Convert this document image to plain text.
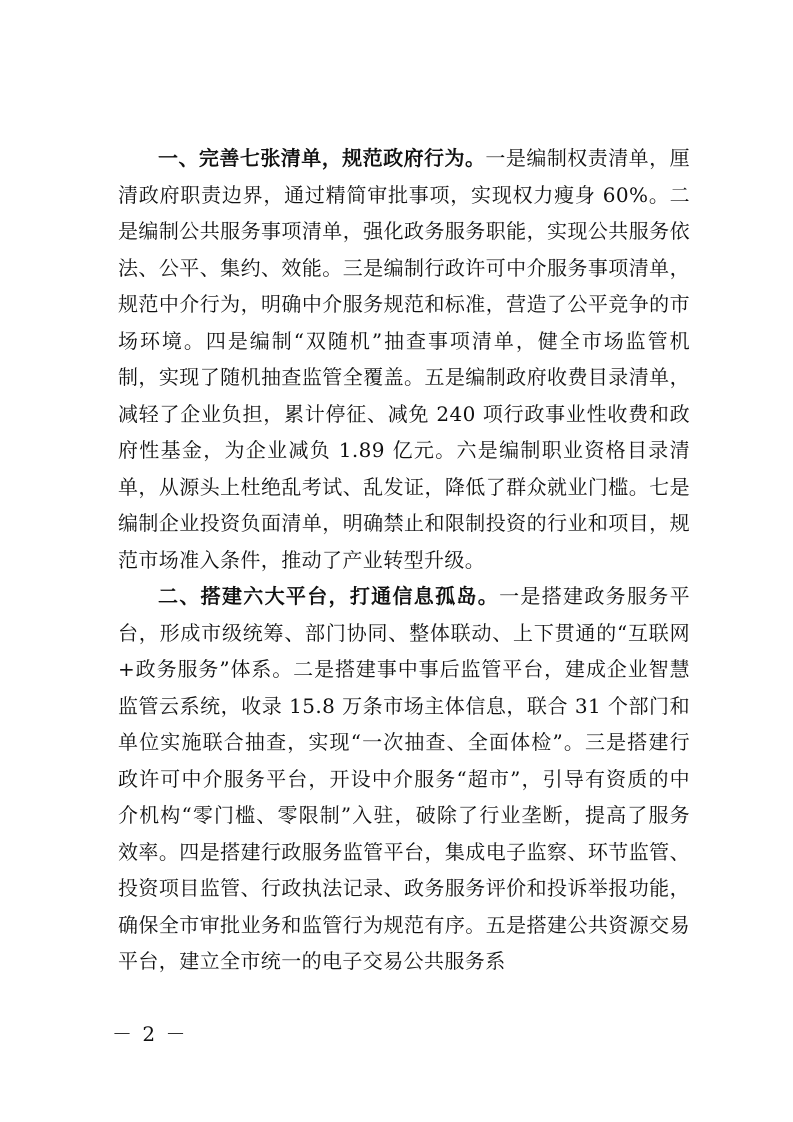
一、完善七张清单，规范政府行为。一是编制权责清单，厘清政府职责边界，通过精简审批事项，实现权力瘦身 60%。二是编制公共服务事项清单，强化政务服务职能，实现公共服务依法、公平、集约、效能。三是编制行政许可中介服务事项清单，规范中介行为，明确中介服务规范和标准，营造了公平竞争的市场环境。四是编制“双随机”抽查事项清单，健全市场监管机制，实现了随机抽查监管全覆盖。五是编制政府收费目录清单，减轻了企业负担，累计停征、减免 240 项行政事业性收费和政府性基金，为企业减负 1.89 亿元。六是编制职业资格目录清单，从源头上杜绝乱考试、乱发证，降低了群众就业门槛。七是编制企业投资负面清单，明确禁止和限制投资的行业和项目，规范市场准入条件，推动了产业转型升级。

二、搭建六大平台，打通信息孤岛。一是搭建政务服务平台，形成市级统筹、部门协同、整体联动、上下贯通的“互联网+政务服务”体系。二是搭建事中事后监管平台，建成企业智慧监管云系统，收录 15.8 万条市场主体信息，联合 31 个部门和单位实施联合抽查，实现“一次抽查、全面体检”。三是搭建行政许可中介服务平台，开设中介服务“超市”，引导有资质的中介机构“零门槛、零限制”入驻，破除了行业垄断，提高了服务效率。四是搭建行政服务监管平台，集成电子监察、环节监管、投资项目监管、行政执法记录、政务服务评价和投诉举报功能，确保全市审批业务和监管行为规范有序。五是搭建公共资源交易平台，建立全市统一的电子交易公共服务系

－ 2 －
